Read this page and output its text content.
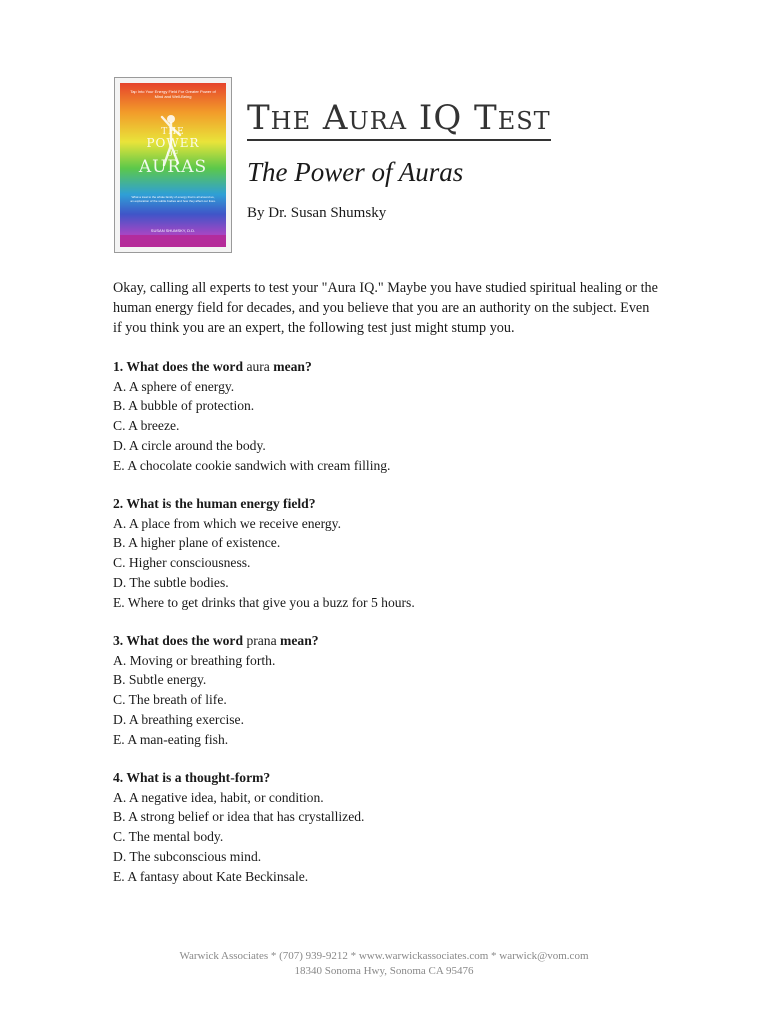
Tap Into Your Energy Field For Greater Power of Mind and Well-Being
THE
POWER
OF
AURAS
What a treat to the whole family of energy that is all around us, an exploration of the subtle bodies and how they affect our lives.
SUSAN SHUMSKY, D.D.
The Aura IQ Test
The Power of Auras
By Dr. Susan Shumsky

Okay, calling all experts to test your "Aura IQ." Maybe you have studied spiritual healing or the human energy field for decades, and you believe that you are an authority on the subject. Even if you think you are an expert, the following test just might stump you.

1. What does the word aura mean?
A. A sphere of energy.
B. A bubble of protection.
C. A breeze.
D. A circle around the body.
E. A chocolate cookie sandwich with cream filling.
2. What is the human energy field?
A. A place from which we receive energy.
B. A higher plane of existence.
C. Higher consciousness.
D. The subtle bodies.
E. Where to get drinks that give you a buzz for 5 hours.
3. What does the word prana mean?
A. Moving or breathing forth.
B. Subtle energy.
C. The breath of life.
D. A breathing exercise.
E. A man-eating fish.
4. What is a thought-form?
A. A negative idea, habit, or condition.
B. A strong belief or idea that has crystallized.
C. The mental body.
D. The subconscious mind.
E. A fantasy about Kate Beckinsale.
Warwick Associates * (707) 939-9212 * www.warwickassociates.com * warwick@vom.com
18340 Sonoma Hwy, Sonoma CA 95476
